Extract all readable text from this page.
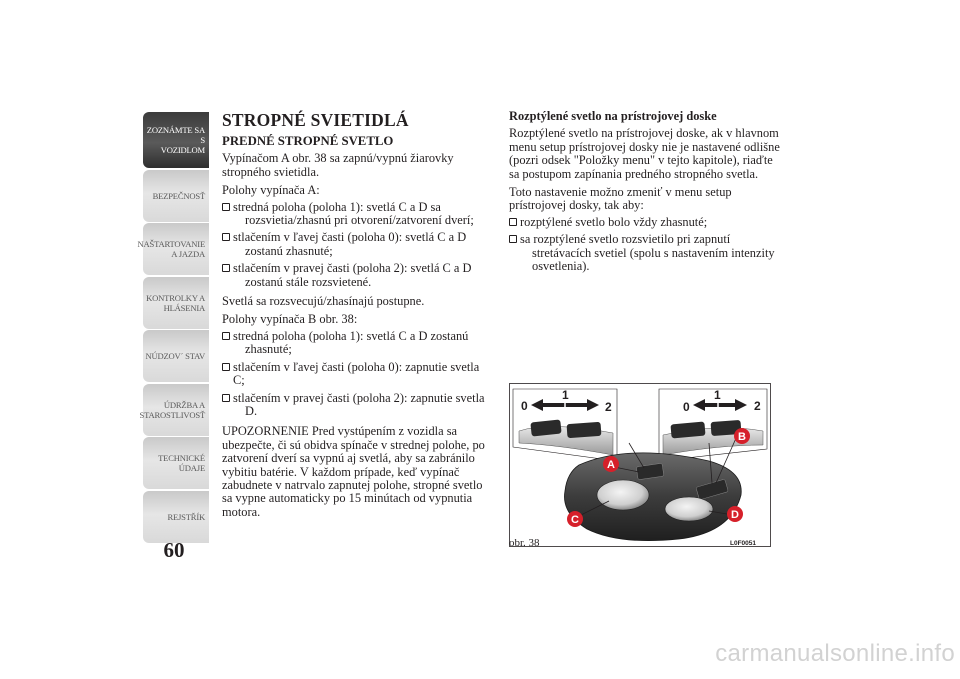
ZOZNÁMTE SA S
VOZIDLOM
BEZPEČNOSŤ
NAŠTARTOVANIE
A JAZDA
KONTROLKY A
HLÁSENIA
NÚDZOV´ STAV
ÚDRŽBA A
STAROSTLIVOSŤ
TECHNICKÉ
ÚDAJE
REJSTŘÍK
60

STROPNÉ SVIETIDLÁ

PREDNÉ STROPNÉ SVETLO

Vypínačom A obr. 38 sa zapnú/vypnú žiarovky stropného svietidla.

Polohy vypínača A:

stredná poloha (poloha 1): svetlá C a D sa

rozsvietia/zhasnú pri otvorení/zatvorení dverí;
stlačením v ľavej časti (poloha 0): svetlá C a D

zostanú zhasnuté;
stlačením v pravej časti (poloha 2): svetlá C a D

zostanú stále rozsvietené.

Svetlá sa rozsvecujú/zhasínajú postupne.

Polohy vypínača B obr. 38:

stredná poloha (poloha 1): svetlá C a D zostanú

zhasnuté;
stlačením v ľavej časti (poloha 0): zapnutie svetla C;
stlačením v pravej časti (poloha 2): zapnutie svetla

D.

UPOZORNENIE Pred vystúpením z vozidla sa ubezpečte, či sú obidva spínače v strednej polohe, po zatvorení dverí sa vypnú aj svetlá, aby sa zabránilo vybitiu batérie. V každom prípade, keď vypínač zabudnete v natrvalo zapnutej polohe, stropné svetlo sa vypne automaticky po 15 minútach od vypnutia motora.

Rozptýlené svetlo na prístrojovej doske

Rozptýlené svetlo na prístrojovej doske, ak v hlavnom menu setup prístrojovej dosky nie je nastavené odlišne (pozri odsek "Položky menu" v tejto kapitole), riaďte sa postupom zapínania predného stropného svetla.

Toto nastavenie možno zmeniť v menu setup prístrojovej dosky, tak aby:

rozptýlené svetlo bolo vždy zhasnuté;
sa rozptýlené svetlo rozsvietilo pri zapnutí

stretávacích svetiel (spolu s nastavením intenzity osvetlenia).
0
1
2	0
1
2
A
B
C	D
obr. 38	L0F0051
carmanualsonline.info
